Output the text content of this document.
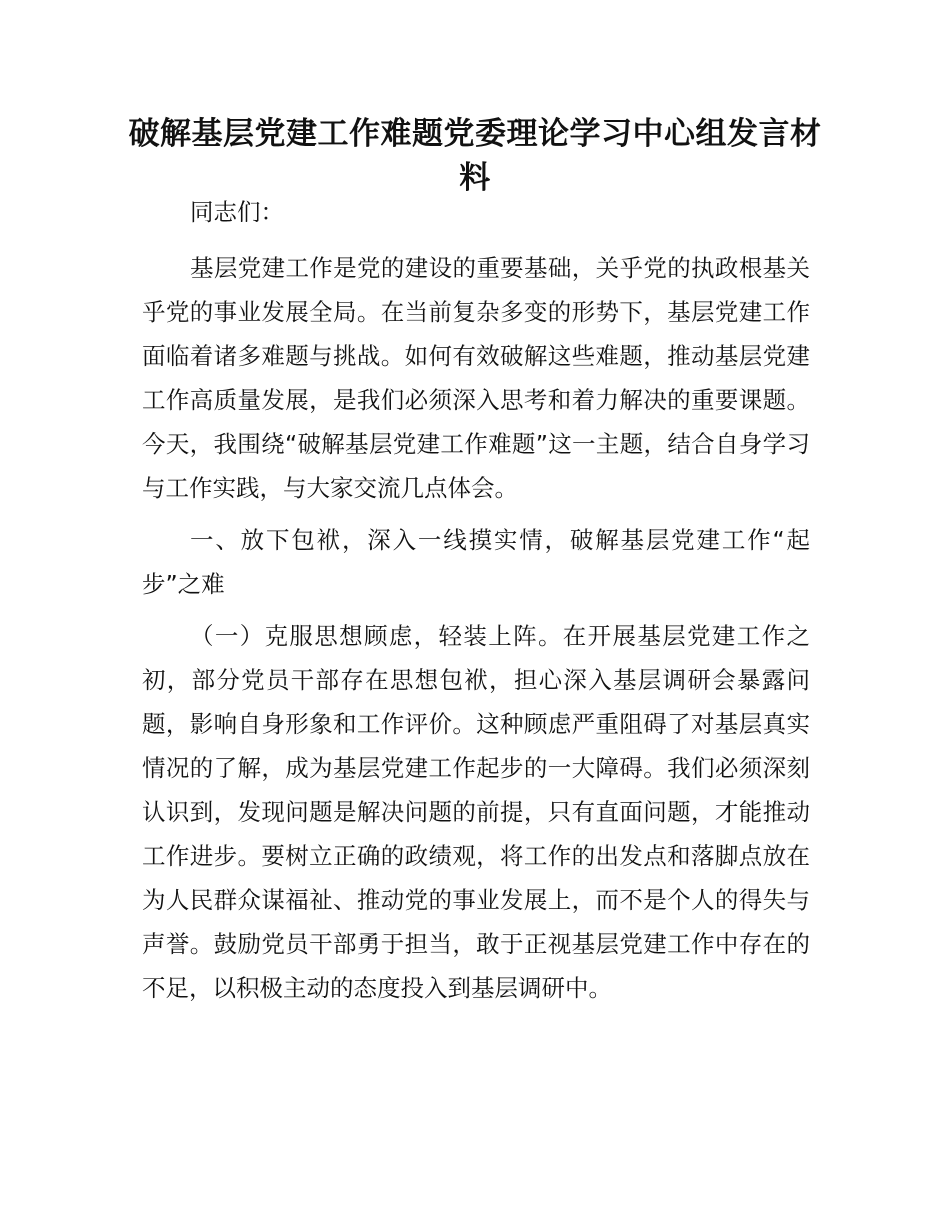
破解基层党建工作难题党委理论学习中心组发言材料

同志们：

基层党建工作是党的建设的重要基础，关乎党的执政根基关乎党的事业发展全局。在当前复杂多变的形势下，基层党建工作面临着诸多难题与挑战。如何有效破解这些难题，推动基层党建工作高质量发展，是我们必须深入思考和着力解决的重要课题。今天，我围绕“破解基层党建工作难题”这一主题，结合自身学习与工作实践，与大家交流几点体会。

一、放下包袱，深入一线摸实情，破解基层党建工作“起步”之难

（一）克服思想顾虑，轻装上阵。在开展基层党建工作之初，部分党员干部存在思想包袱，担心深入基层调研会暴露问题，影响自身形象和工作评价。这种顾虑严重阻碍了对基层真实情况的了解，成为基层党建工作起步的一大障碍。我们必须深刻认识到，发现问题是解决问题的前提，只有直面问题，才能推动工作进步。要树立正确的政绩观，将工作的出发点和落脚点放在为人民群众谋福祉、推动党的事业发展上，而不是个人的得失与声誉。鼓励党员干部勇于担当，敢于正视基层党建工作中存在的不足，以积极主动的态度投入到基层调研中。
